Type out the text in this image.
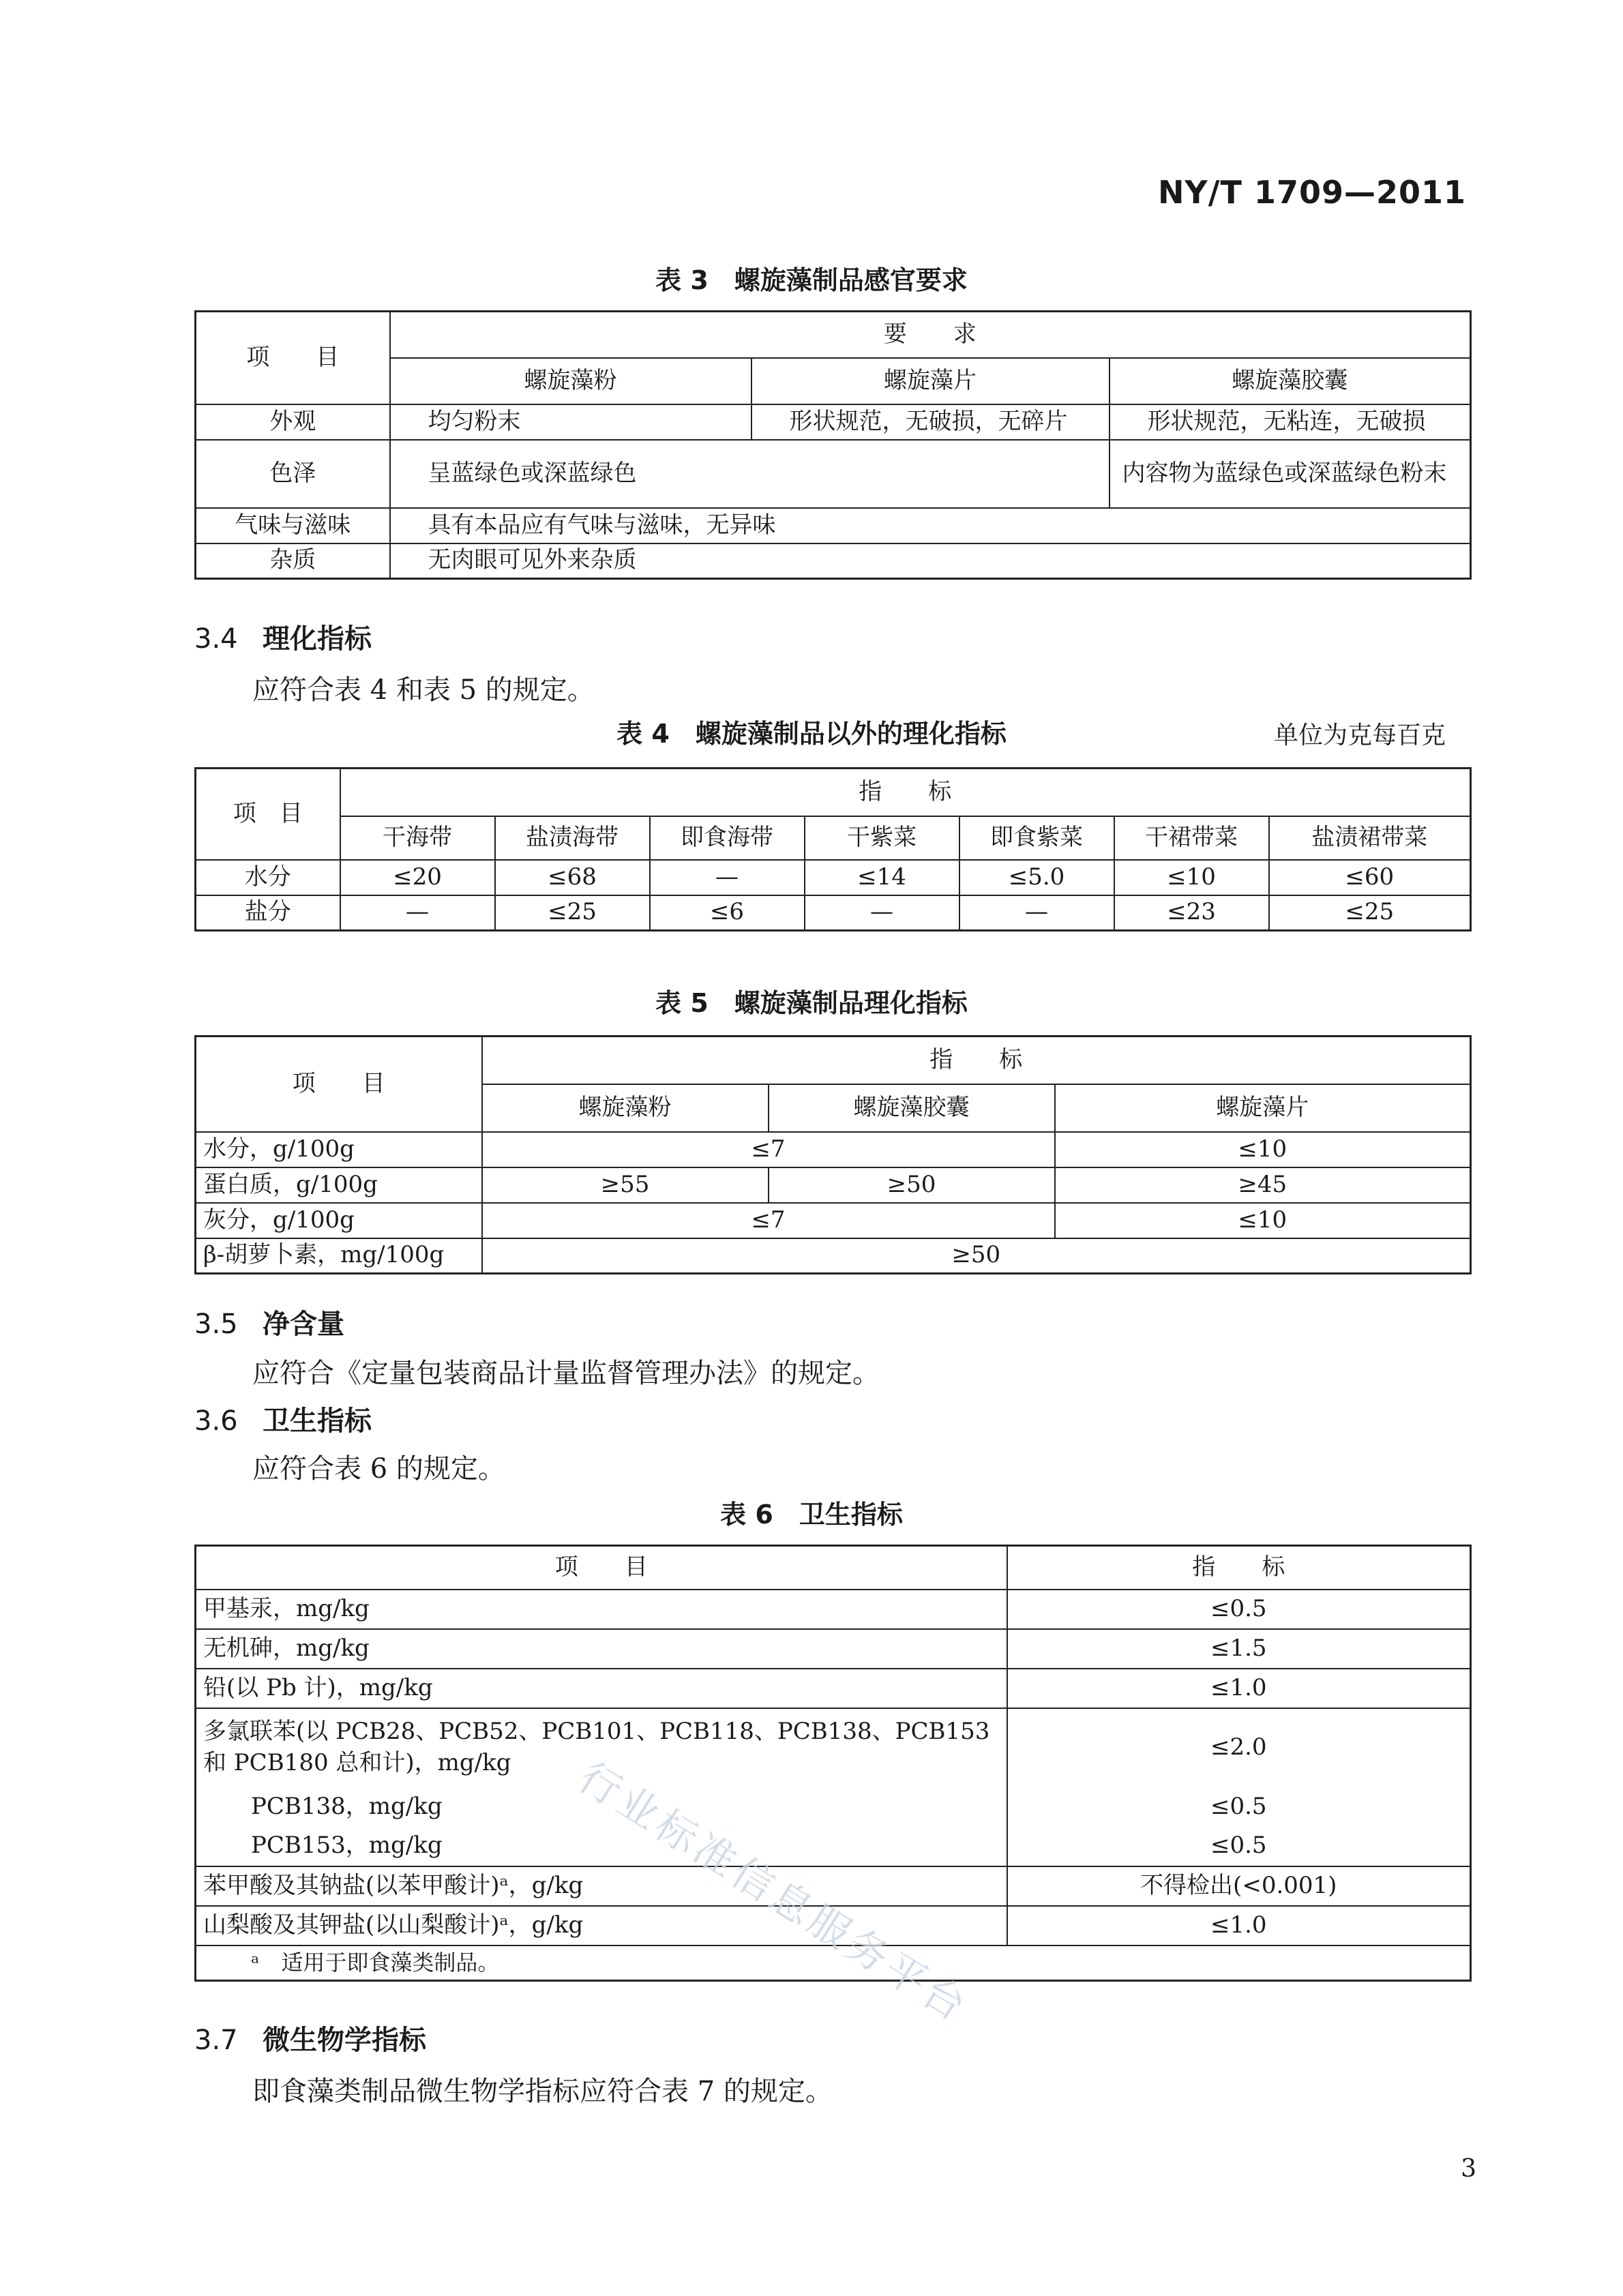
NY/T 1709—2011
表 3　螺旋藻制品感官要求
项　　目	要　　求		
	螺旋藻粉	螺旋藻片	螺旋藻胶囊
外观	均匀粉末	形状规范，无破损，无碎片	形状规范，无粘连，无破损
色泽	呈蓝绿色或深蓝绿色		内容物为蓝绿色或深蓝绿色粉末
气味与滋味	具有本品应有气味与滋味，无异味		
杂质	无肉眼可见外来杂质		
3.4 理化指标
应符合表 4 和表 5 的规定。
表 4　螺旋藻制品以外的理化指标	单位为克每百克
项　目	指　　标						
	干海带	盐渍海带	即食海带	干紫菜	即食紫菜	干裙带菜	盐渍裙带菜
水分	≤20	≤68	—	≤14	≤5.0	≤10	≤60
盐分	—	≤25	≤6	—	—	≤23	≤25
表 5　螺旋藻制品理化指标
项　　目	指　　标		
	螺旋藻粉	螺旋藻胶囊	螺旋藻片
水分，g/100g	≤7		≤10
蛋白质，g/100g	≥55	≥50	≥45
灰分，g/100g	≤7		≤10
β-胡萝卜素，mg/100g	≥50		
3.5 净含量
应符合《定量包装商品计量监督管理办法》的规定。
3.6 卫生指标
应符合表 6 的规定。
表 6　卫生指标
项　　目	指　　标
甲基汞，mg/kg	≤0.5
无机砷，mg/kg	≤1.5
铅(以 Pb 计)，mg/kg	≤1.0
多氯联苯(以 PCB28、PCB52、PCB101、PCB118、PCB138、PCB153 和 PCB180 总和计)，mg/kg	≤2.0
PCB138，mg/kg	≤0.5
PCB153，mg/kg	≤0.5
苯甲酸及其钠盐(以苯甲酸计)ᵃ，g/kg	不得检出(<0.001)
山梨酸及其钾盐(以山梨酸计)ᵃ，g/kg	≤1.0
ᵃ　适用于即食藻类制品。	
3.7 微生物学指标
即食藻类制品微生物学指标应符合表 7 的规定。
行业标准信息服务平台
3
